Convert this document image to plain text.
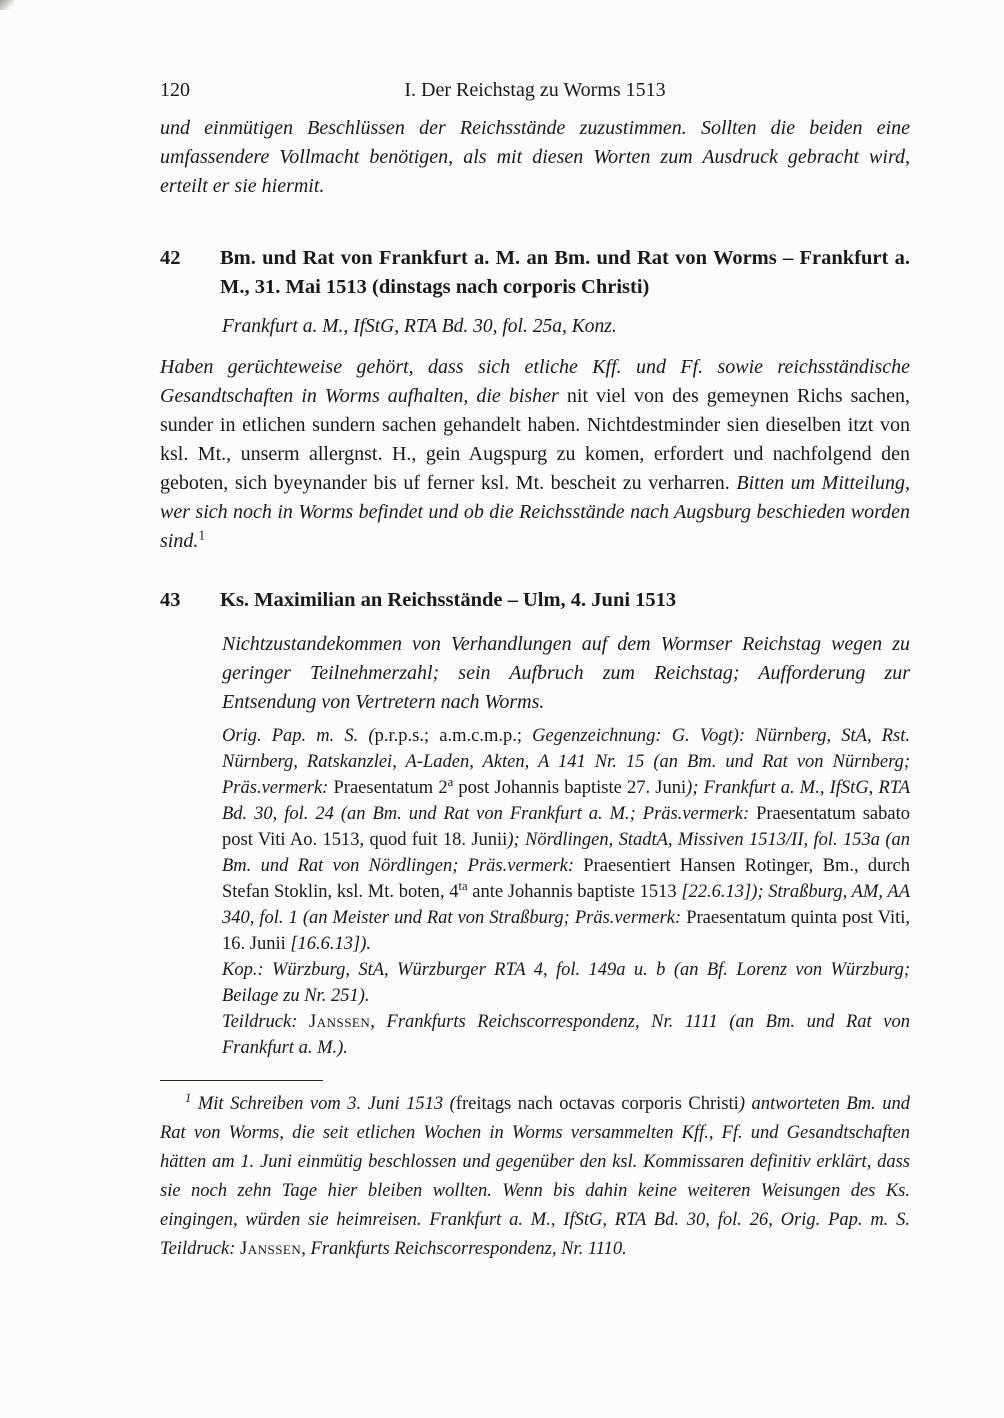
120	I. Der Reichstag zu Worms 1513

und einmütigen Beschlüssen der Reichsstände zuzustimmen. Sollten die beiden eine umfassendere Vollmacht benötigen, als mit diesen Worten zum Ausdruck gebracht wird, erteilt er sie hiermit.

42	Bm. und Rat von Frankfurt a. M. an Bm. und Rat von Worms – Frankfurt a. M., 31. Mai 1513 (dinstags nach corporis Christi)

Frankfurt a. M., IfStG, RTA Bd. 30, fol. 25a, Konz.

Haben gerüchteweise gehört, dass sich etliche Kff. und Ff. sowie reichsständische Gesandtschaften in Worms aufhalten, die bisher nit viel von des gemeynen Richs sachen, sunder in etlichen sundern sachen gehandelt haben. Nichtdestminder sien dieselben itzt von ksl. Mt., unserm allergnst. H., gein Augspurg zu komen, erfordert und nachfolgend den geboten, sich byeynander bis uf ferner ksl. Mt. bescheit zu verharren. Bitten um Mitteilung, wer sich noch in Worms befindet und ob die Reichsstände nach Augsburg beschieden worden sind.$^1$

43	Ks. Maximilian an Reichsstände – Ulm, 4. Juni 1513

Nichtzustandekommen von Verhandlungen auf dem Wormser Reichstag wegen zu geringer Teilnehmerzahl; sein Aufbruch zum Reichstag; Aufforderung zur Entsendung von Vertretern nach Worms.

Orig. Pap. m. S. (p.r.p.s.; a.m.c.m.p.; Gegenzeichnung: G. Vogt): Nürnberg, StA, Rst. Nürnberg, Ratskanzlei, A-Laden, Akten, A 141 Nr. 15 (an Bm. und Rat von Nürnberg; Präs.vermerk: Praesentatum 2$^a$ post Johannis baptiste 27. Juni); Frankfurt a. M., IfStG, RTA Bd. 30, fol. 24 (an Bm. und Rat von Frankfurt a. M.; Präs.vermerk: Praesentatum sabato post Viti Ao. 1513, quod fuit 18. Junii); Nördlingen, StadtA, Missiven 1513/II, fol. 153a (an Bm. und Rat von Nördlingen; Präs.vermerk: Praesentiert Hansen Rotinger, Bm., durch Stefan Stoklin, ksl. Mt. boten, $4^{ta}$ ante Johannis baptiste 1513 [22.6.13]); Straßburg, AM, AA 340, fol. 1 (an Meister und Rat von Straßburg; Präs.vermerk: Praesentatum quinta post Viti, 16. Junii [16.6.13]).

Kop.: Würzburg, StA, Würzburger RTA 4, fol. 149a u. b (an Bf. Lorenz von Würzburg; Beilage zu Nr. 251).

Teildruck: Janssen, Frankfurts Reichscorrespondenz, Nr. 1111 (an Bm. und Rat von Frankfurt a. M.).

$^1$ Mit Schreiben vom 3. Juni 1513 (freitags nach octavas corporis Christi) antworteten Bm. und Rat von Worms, die seit etlichen Wochen in Worms versammelten Kff., Ff. und Gesandtschaften hätten am 1. Juni einmütig beschlossen und gegenüber den ksl. Kommissaren definitiv erklärt, dass sie noch zehn Tage hier bleiben wollten. Wenn bis dahin keine weiteren Weisungen des Ks. eingingen, würden sie heimreisen. Frankfurt a. M., IfStG, RTA Bd. 30, fol. 26, Orig. Pap. m. S. Teildruck: Janssen, Frankfurts Reichscorrespondenz, Nr. 1110.
